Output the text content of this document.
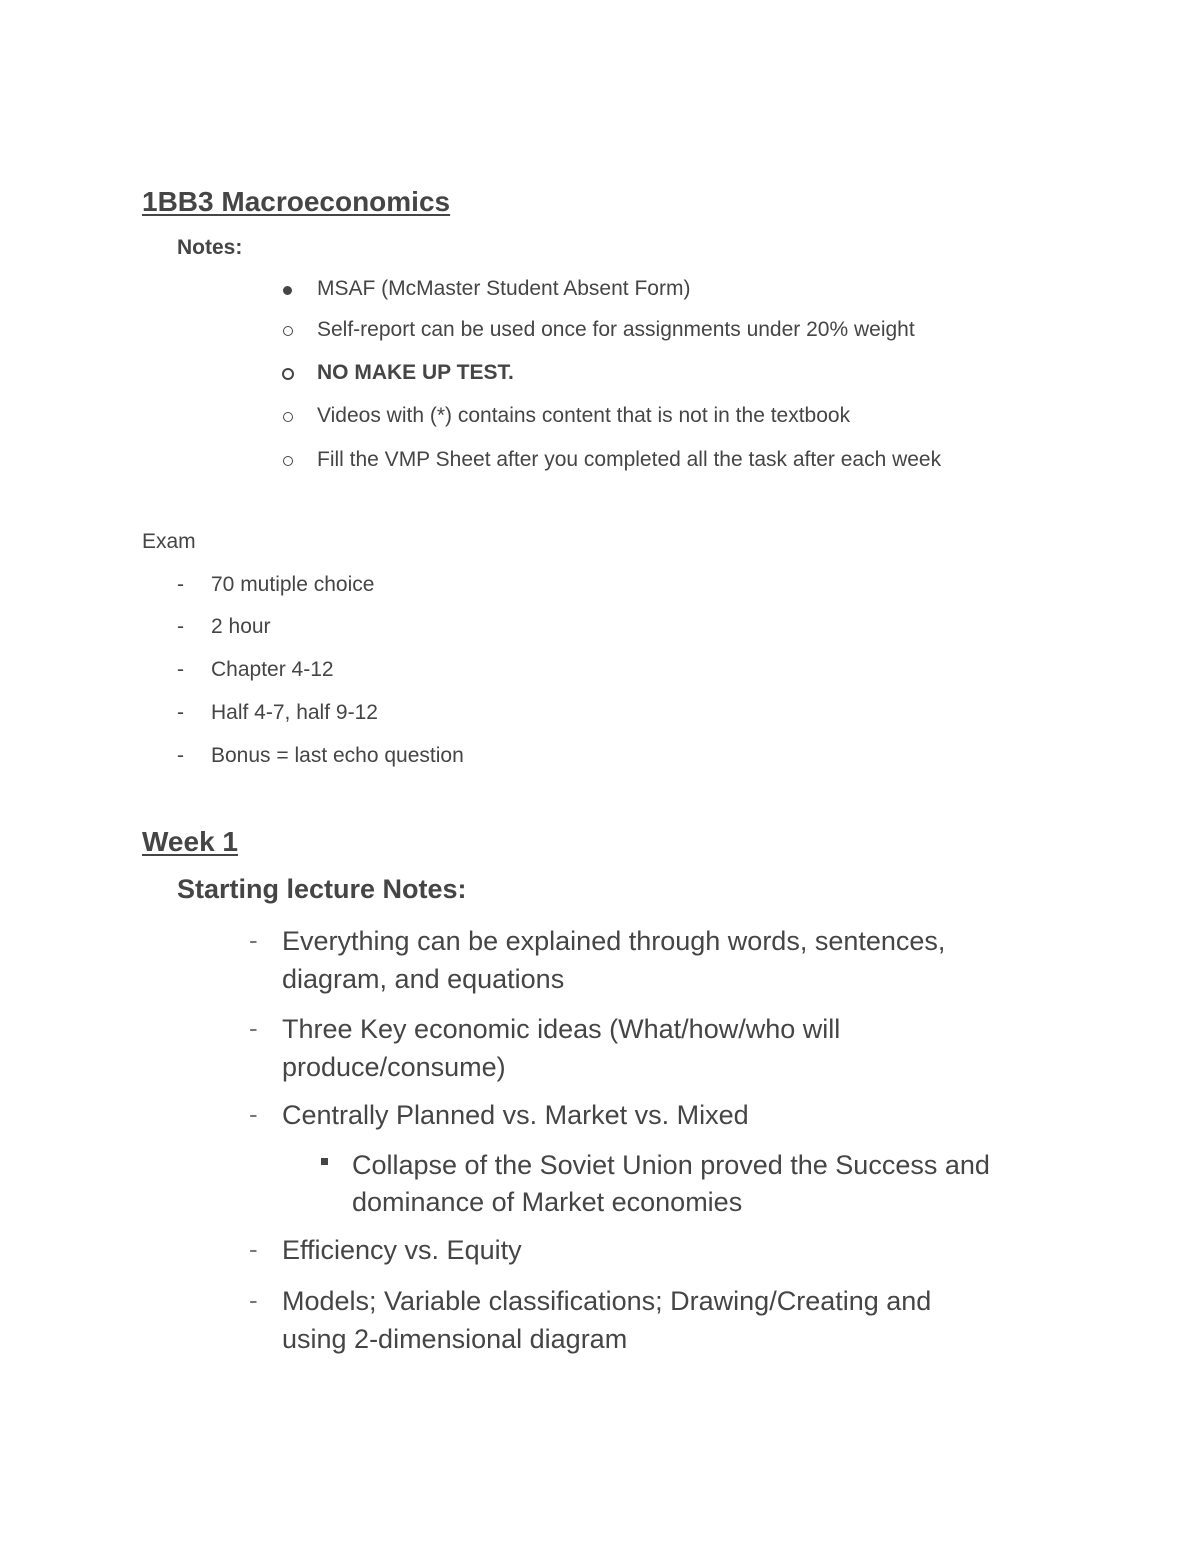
1BB3 Macroeconomics
Notes:
MSAF (McMaster Student Absent Form)
Self-report can be used once for assignments under 20% weight
NO MAKE UP TEST.
Videos with (*) contains content that is not in the textbook
Fill the VMP Sheet after you completed all the task after each week
Exam
- 70 mutiple choice
- 2 hour
- Chapter 4-12
- Half 4-7, half 9-12
- Bonus = last echo question
Week 1
Starting lecture Notes:
- Everything can be explained through words, sentences,
diagram, and equations
- Three Key economic ideas (What/how/who will
produce/consume)
- Centrally Planned vs. Market vs. Mixed
Collapse of the Soviet Union proved the Success and
dominance of Market economies
- Efficiency vs. Equity
- Models; Variable classifications; Drawing/Creating and
using 2-dimensional diagram
